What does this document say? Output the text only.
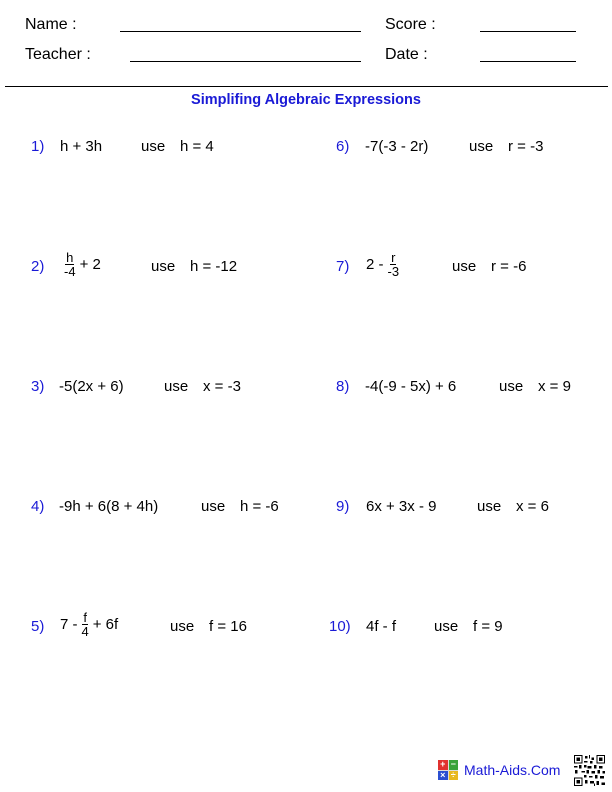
Name :
Teacher :
Score :
Date :
Simplifing Algebraic Expressions
1) h + 3h	use h = 4
$2) \frac{h}{-4} + 2$	use h = -12
3) -5(2x + 6)	use x = -3
4) -9h + 6(8 + 4h)	use h = -6
5) $7 - \frac{f}{4} + 6f$	use f = 16
6) -7(-3 - 2r)	use r = -3
7) $2 - \frac{r}{-3}$	use r = -6
8) -4(-9 - 5x) + 6	use x = 9
9) 6x + 3x - 9	use x = 6
10) 4f - f	use f = 9
+ −
× ÷ Math-Aids.Com
